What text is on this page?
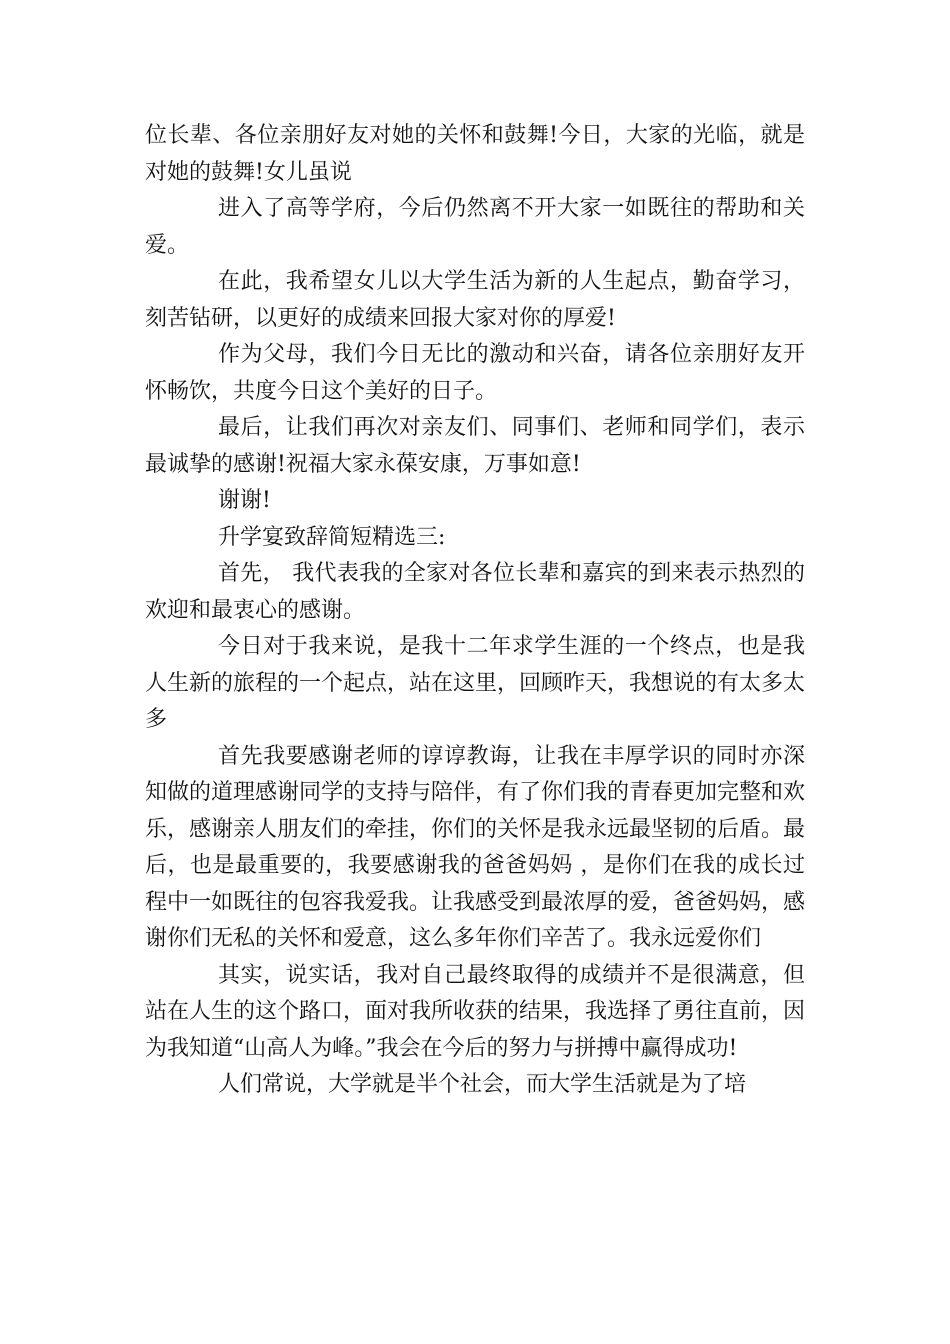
位长辈、各位亲朋好友对她的关怀和鼓舞!今日，大家的光临，就是对她的鼓舞!女儿虽说

进入了高等学府，今后仍然离不开大家一如既往的帮助和关爱。

在此，我希望女儿以大学生活为新的人生起点，勤奋学习，刻苦钻研，以更好的成绩来回报大家对你的厚爱!

作为父母，我们今日无比的激动和兴奋，请各位亲朋好友开怀畅饮，共度今日这个美好的日子。

最后，让我们再次对亲友们、同事们、老师和同学们，表示最诚挚的感谢!祝福大家永葆安康，万事如意!

谢谢!

升学宴致辞简短精选三:

首先， 我代表我的全家对各位长辈和嘉宾的到来表示热烈的欢迎和最衷心的感谢。

今日对于我来说，是我十二年求学生涯的一个终点，也是我人生新的旅程的一个起点，站在这里，回顾昨天，我想说的有太多太多

首先我要感谢老师的谆谆教诲，让我在丰厚学识的同时亦深知做的道理感谢同学的支持与陪伴，有了你们我的青春更加完整和欢乐，感谢亲人朋友们的牵挂，你们的关怀是我永远最坚韧的后盾。最后，也是最重要的，我要感谢我的爸爸妈妈 ，是你们在我的成长过程中一如既往的包容我爱我。让我感受到最浓厚的爱，爸爸妈妈，感谢你们无私的关怀和爱意，这么多年你们辛苦了。我永远爱你们

其实，说实话，我对自己最终取得的成绩并不是很满意，但站在人生的这个路口，面对我所收获的结果，我选择了勇往直前，因为我知道“山高人为峰。”我会在今后的努力与拼搏中赢得成功!

人们常说，大学就是半个社会，而大学生活就是为了培
